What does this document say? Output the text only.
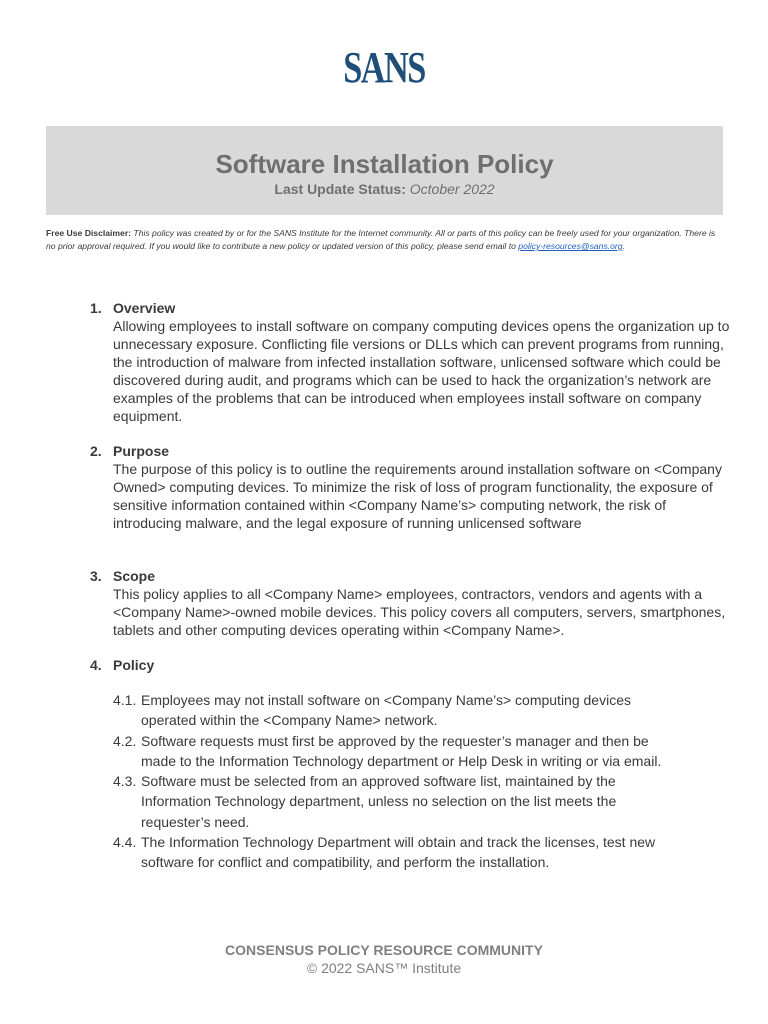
SANS
Software Installation Policy
Last Update Status: October 2022
Free Use Disclaimer: This policy was created by or for the SANS Institute for the Internet community. All or parts of this policy can be freely used for your organization. There is no prior approval required. If you would like to contribute a new policy or updated version of this policy, please send email to policy-resources@sans.org.
1. Overview
Allowing employees to install software on company computing devices opens the organization up to unnecessary exposure. Conflicting file versions or DLLs which can prevent programs from running, the introduction of malware from infected installation software, unlicensed software which could be discovered during audit, and programs which can be used to hack the organization’s network are examples of the problems that can be introduced when employees install software on company equipment.
2. Purpose
The purpose of this policy is to outline the requirements around installation software on <Company Owned> computing devices. To minimize the risk of loss of program functionality, the exposure of sensitive information contained within <Company Name’s> computing network, the risk of introducing malware, and the legal exposure of running unlicensed software
3. Scope
This policy applies to all <Company Name> employees, contractors, vendors and agents with a <Company Name>-owned mobile devices. This policy covers all computers, servers, smartphones, tablets and other computing devices operating within <Company Name>.
4. Policy
4.1. Employees may not install software on <Company Name’s> computing devices operated within the <Company Name> network.
4.2. Software requests must first be approved by the requester’s manager and then be made to the Information Technology department or Help Desk in writing or via email.
4.3. Software must be selected from an approved software list, maintained by the Information Technology department, unless no selection on the list meets the requester’s need.
4.4. The Information Technology Department will obtain and track the licenses, test new software for conflict and compatibility, and perform the installation.
CONSENSUS POLICY RESOURCE COMMUNITY
© 2022 SANS™ Institute
